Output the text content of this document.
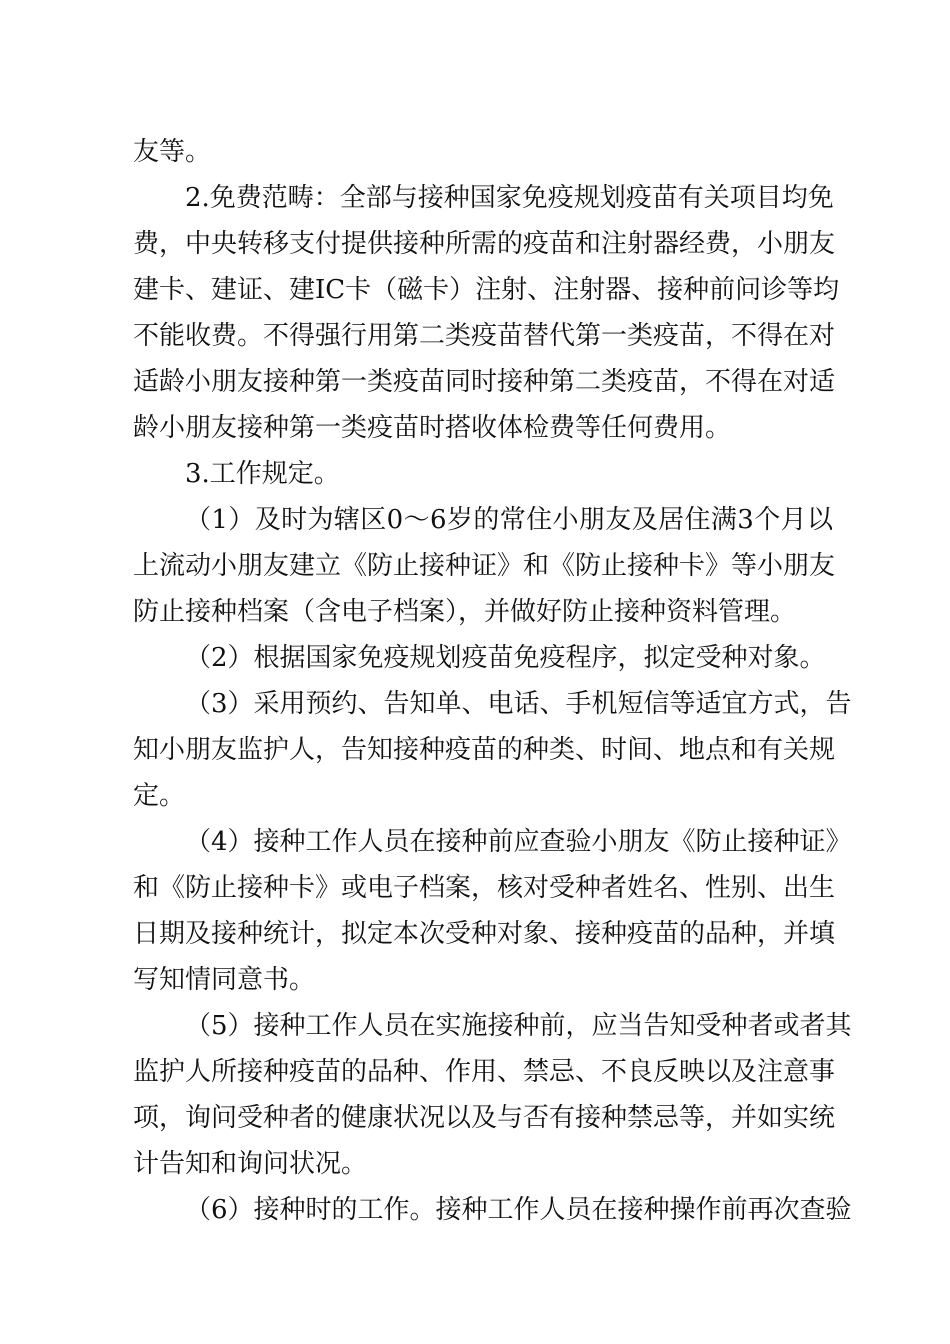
友等。
2.免费范畴：全部与接种国家免疫规划疫苗有关项目均免
费，中央转移支付提供接种所需的疫苗和注射器经费，小朋友
建卡、建证、建IC卡（磁卡）注射、注射器、接种前问诊等均
不能收费。不得强行用第二类疫苗替代第一类疫苗，不得在对
适龄小朋友接种第一类疫苗同时接种第二类疫苗，不得在对适
龄小朋友接种第一类疫苗时搭收体检费等任何费用。
3.工作规定。
（1）及时为辖区0～6岁的常住小朋友及居住满3个月以
上流动小朋友建立《防止接种证》和《防止接种卡》等小朋友
防止接种档案（含电子档案），并做好防止接种资料管理。
（2）根据国家免疫规划疫苗免疫程序，拟定受种对象。
（3）采用预约、告知单、电话、手机短信等适宜方式，告
知小朋友监护人，告知接种疫苗的种类、时间、地点和有关规
定。
（4）接种工作人员在接种前应查验小朋友《防止接种证》
和《防止接种卡》或电子档案，核对受种者姓名、性别、出生
日期及接种统计，拟定本次受种对象、接种疫苗的品种，并填
写知情同意书。
（5）接种工作人员在实施接种前，应当告知受种者或者其
监护人所接种疫苗的品种、作用、禁忌、不良反映以及注意事
项，询问受种者的健康状况以及与否有接种禁忌等，并如实统
计告知和询问状况。
（6）接种时的工作。接种工作人员在接种操作前再次查验
